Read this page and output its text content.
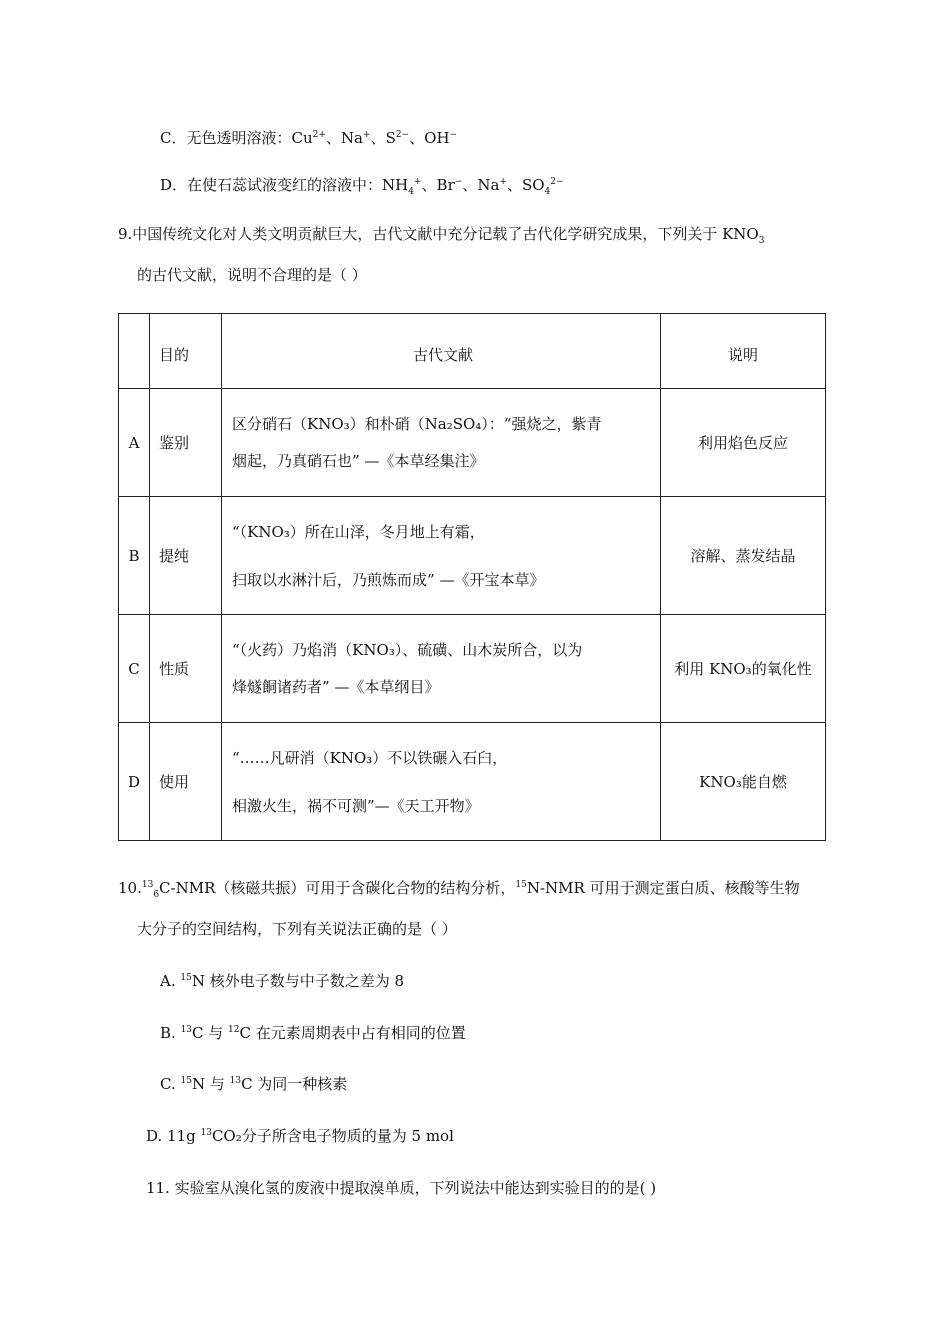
C．无色透明溶液：$Cu^{2+}$、Na+、$S^{2-}$、OH−
D．在使石蕊试液变红的溶液中：$NH_4^+$、Br−、Na+、$SO_4^{2-}$
9.中国传统文化对人类文明贡献巨大，古代文献中充分记载了古代化学研究成果，下列关于 $KNO_3$
的古代文献，说明不合理的是（ ）
	目的	古代文献	说明
A	鉴别	区分硝石（KNO₃）和朴硝（Na₂SO₄）：“强烧之，紫青
烟起，乃真硝石也” —《本草经集注》	利用焰色反应
B	提纯	“（KNO₃）所在山泽，冬月地上有霜，
扫取以水淋汁后，乃煎炼而成” —《开宝本草》	溶解、蒸发结晶
C	性质	“（火药）乃焰消（KNO₃）、硫磺、山木炭所合，以为
烽燧餇诸药者” —《本草纲目》	利用 KNO₃的氧化性
D	使用	“……凡研消（KNO₃）不以铁碾入石臼，
相激火生，祸不可测”—《天工开物》	KNO₃能自燃
$10.13_6C-NMR$（核磁共振）可用于含碳化合物的结构分析，$^{15}$N-NMR 可用于测定蛋白质、核酸等生物
大分子的空间结构，下列有关说法正确的是（ ）
A. $^{15}$N 核外电子数与中子数之差为 8
B. $^{13}$C 与 $^{12}$C 在元素周期表中占有相同的位置
C. $^{15}$N 与 $^{13}$C 为同一种核素
D. 11g $^{13}$CO₂分子所含电子物质的量为 5 mol
11. 实验室从溴化氢的废液中提取溴单质，下列说法中能达到实验目的的是( )
